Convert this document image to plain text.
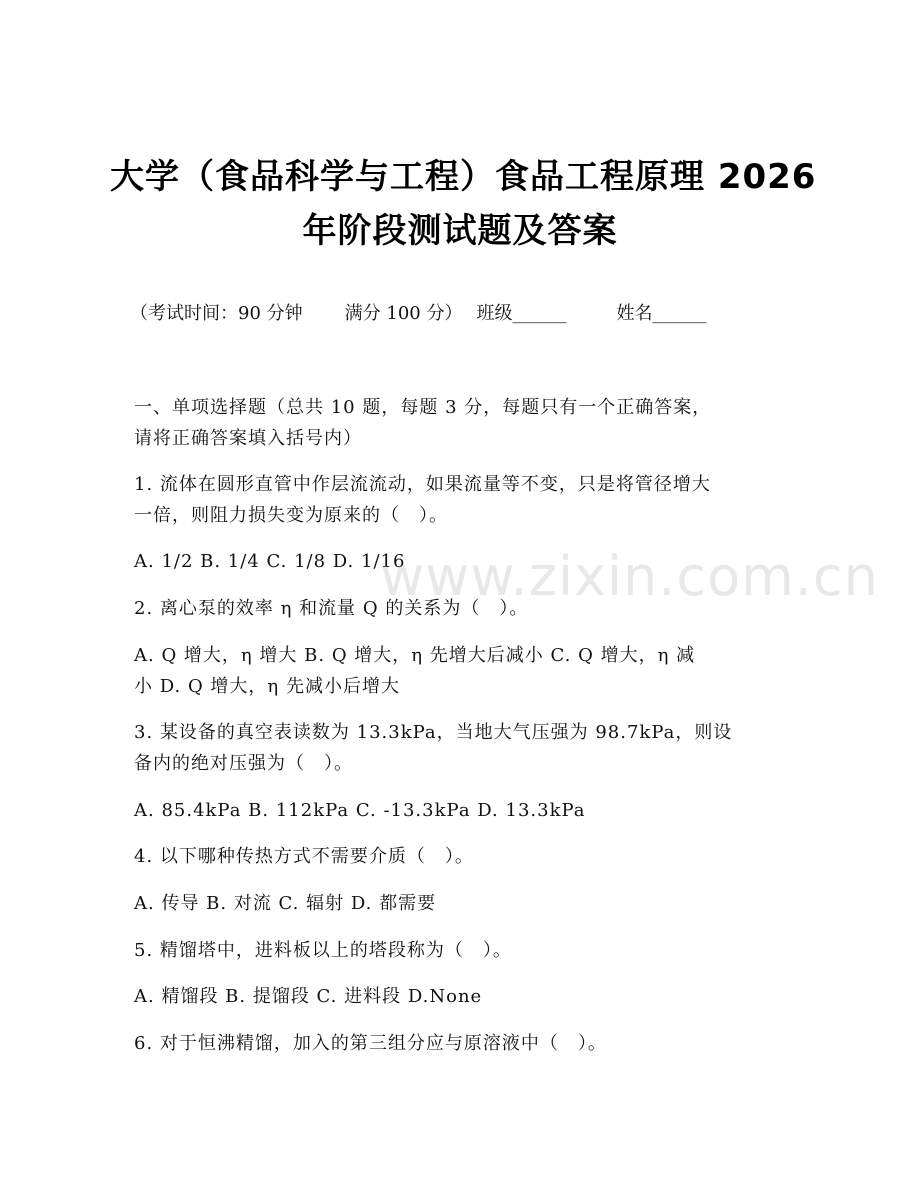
大学（食品科学与工程）食品工程原理 2026
年阶段测试题及答案
（考试时间：90 分钟 满分 100 分） 班级______	姓名______
一、单项选择题（总共 10 题，每题 3 分，每题只有一个正确答案，
请将正确答案填入括号内）
1. 流体在圆形直管中作层流流动，如果流量等不变，只是将管径增大
一倍，则阻力损失变为原来的（　）。
A. 1/2 B. 1/4 C. 1/8 D. 1/16
2. 离心泵的效率 η 和流量 Q 的关系为（　）。
A. Q 增大，η 增大 B. Q 增大，η 先增大后减小 C. Q 增大，η 减
小 D. Q 增大，η 先减小后增大
3. 某设备的真空表读数为 13.3kPa，当地大气压强为 98.7kPa，则设
备内的绝对压强为（　）。
A. 85.4kPa B. 112kPa C. -13.3kPa D. 13.3kPa
4. 以下哪种传热方式不需要介质（　）。
A. 传导 B. 对流 C. 辐射 D. 都需要
5. 精馏塔中，进料板以上的塔段称为（　）。
A. 精馏段 B. 提馏段 C. 进料段 D.None
6. 对于恒沸精馏，加入的第三组分应与原溶液中（　）。
www.zixin.com.cn
